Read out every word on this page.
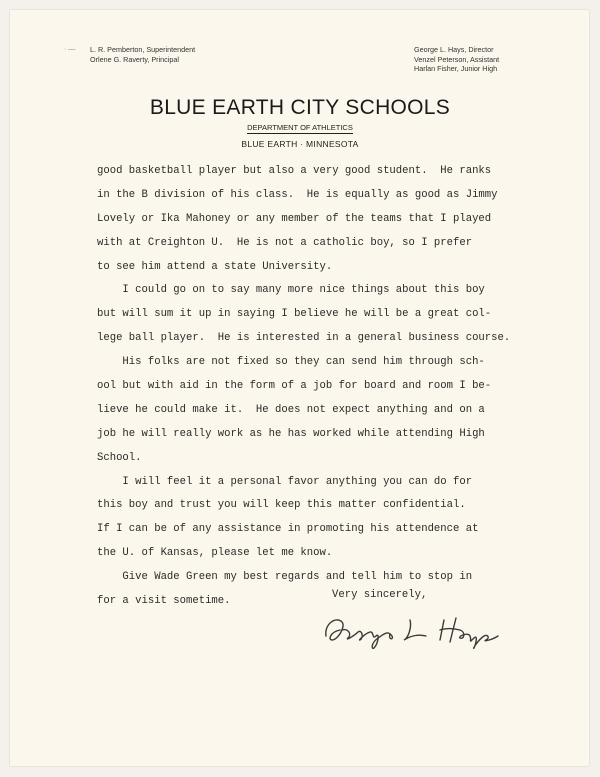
· — L. R. Pemberton, Superintendent
Orlene G. Raverty, Principal
George L. Hays, Director
Venzel Peterson, Assistant
Harlan Fisher, Junior High
BLUE EARTH CITY SCHOOLS
DEPARTMENT OF ATHLETICS
BLUE EARTH · MINNESOTA
good basketball player but also a very good student.  He ranks
in the B division of his class.  He is equally as good as Jimmy
Lovely or Ika Mahoney or any member of the teams that I played
with at Creighton U.  He is not a catholic boy, so I prefer
to see him attend a state University.
I could go on to say many more nice things about this boy
but will sum it up in saying I believe he will be a great col-
lege ball player.  He is interested in a general business course.
His folks are not fixed so they can send him through sch-
ool but with aid in the form of a job for board and room I be-
lieve he could make it.  He does not expect anything and on a
job he will really work as he has worked while attending High
School.
I will feel it a personal favor anything you can do for
this boy and trust you will keep this matter confidential.
If I can be of any assistance in promoting his attendence at
the U. of Kansas, please let me know.
Give Wade Green my best regards and tell him to stop in
for a visit sometime.
Very sincerely,
